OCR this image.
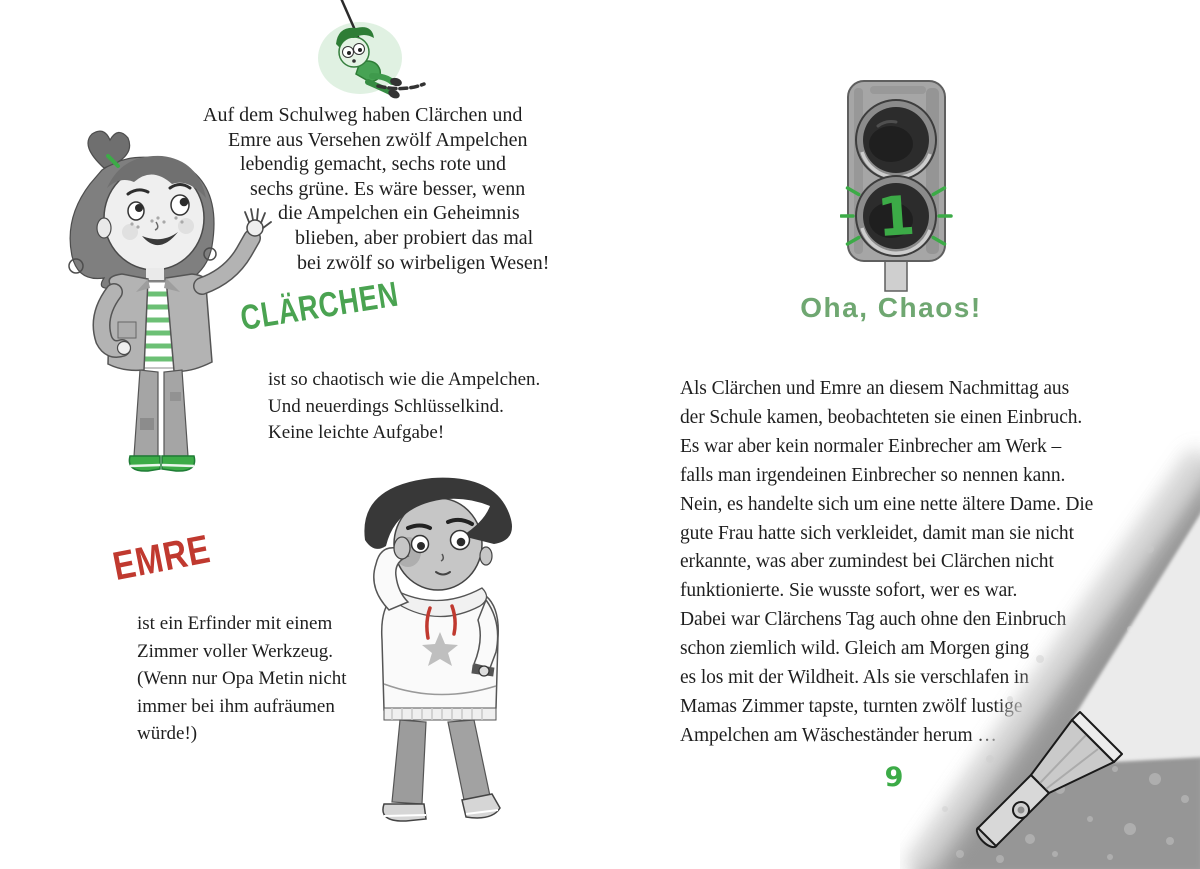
Auf dem Schulweg haben Clärchen und
Emre aus Versehen zwölf Ampelchen
lebendig gemacht, sechs rote und
sechs grüne. Es wäre besser, wenn
die Ampelchen ein Geheimnis
blieben, aber probiert das mal
bei zwölf so wirbeligen Wesen!
CLÄRCHEN
ist so chaotisch wie die Ampelchen.
Und neuerdings Schlüsselkind.
Keine leichte Aufgabe!
EMRE
ist ein Erfinder mit einem
Zimmer voller Werkzeug.
(Wenn nur Opa Metin nicht
immer bei ihm aufräumen
würde!)
1
Oha, Chaos!
Als Clärchen und Emre an diesem Nachmittag aus
der Schule kamen, beobachteten sie einen Einbruch.
Es war aber kein normaler Einbrecher am Werk –
falls man irgendeinen Einbrecher so nennen kann.
Nein, es handelte sich um eine nette ältere Dame. Die
gute Frau hatte sich verkleidet, damit man sie nicht
erkannte, was aber zumindest bei Clärchen nicht
funktionierte. Sie wusste sofort, wer es war.
Dabei war Clärchens Tag auch ohne den Einbruch
schon ziemlich wild. Gleich am Morgen ging
es los mit der Wildheit. Als sie verschlafen in
Mamas Zimmer tapste, turnten zwölf lustige
Ampelchen am Wäscheständer herum …
9
